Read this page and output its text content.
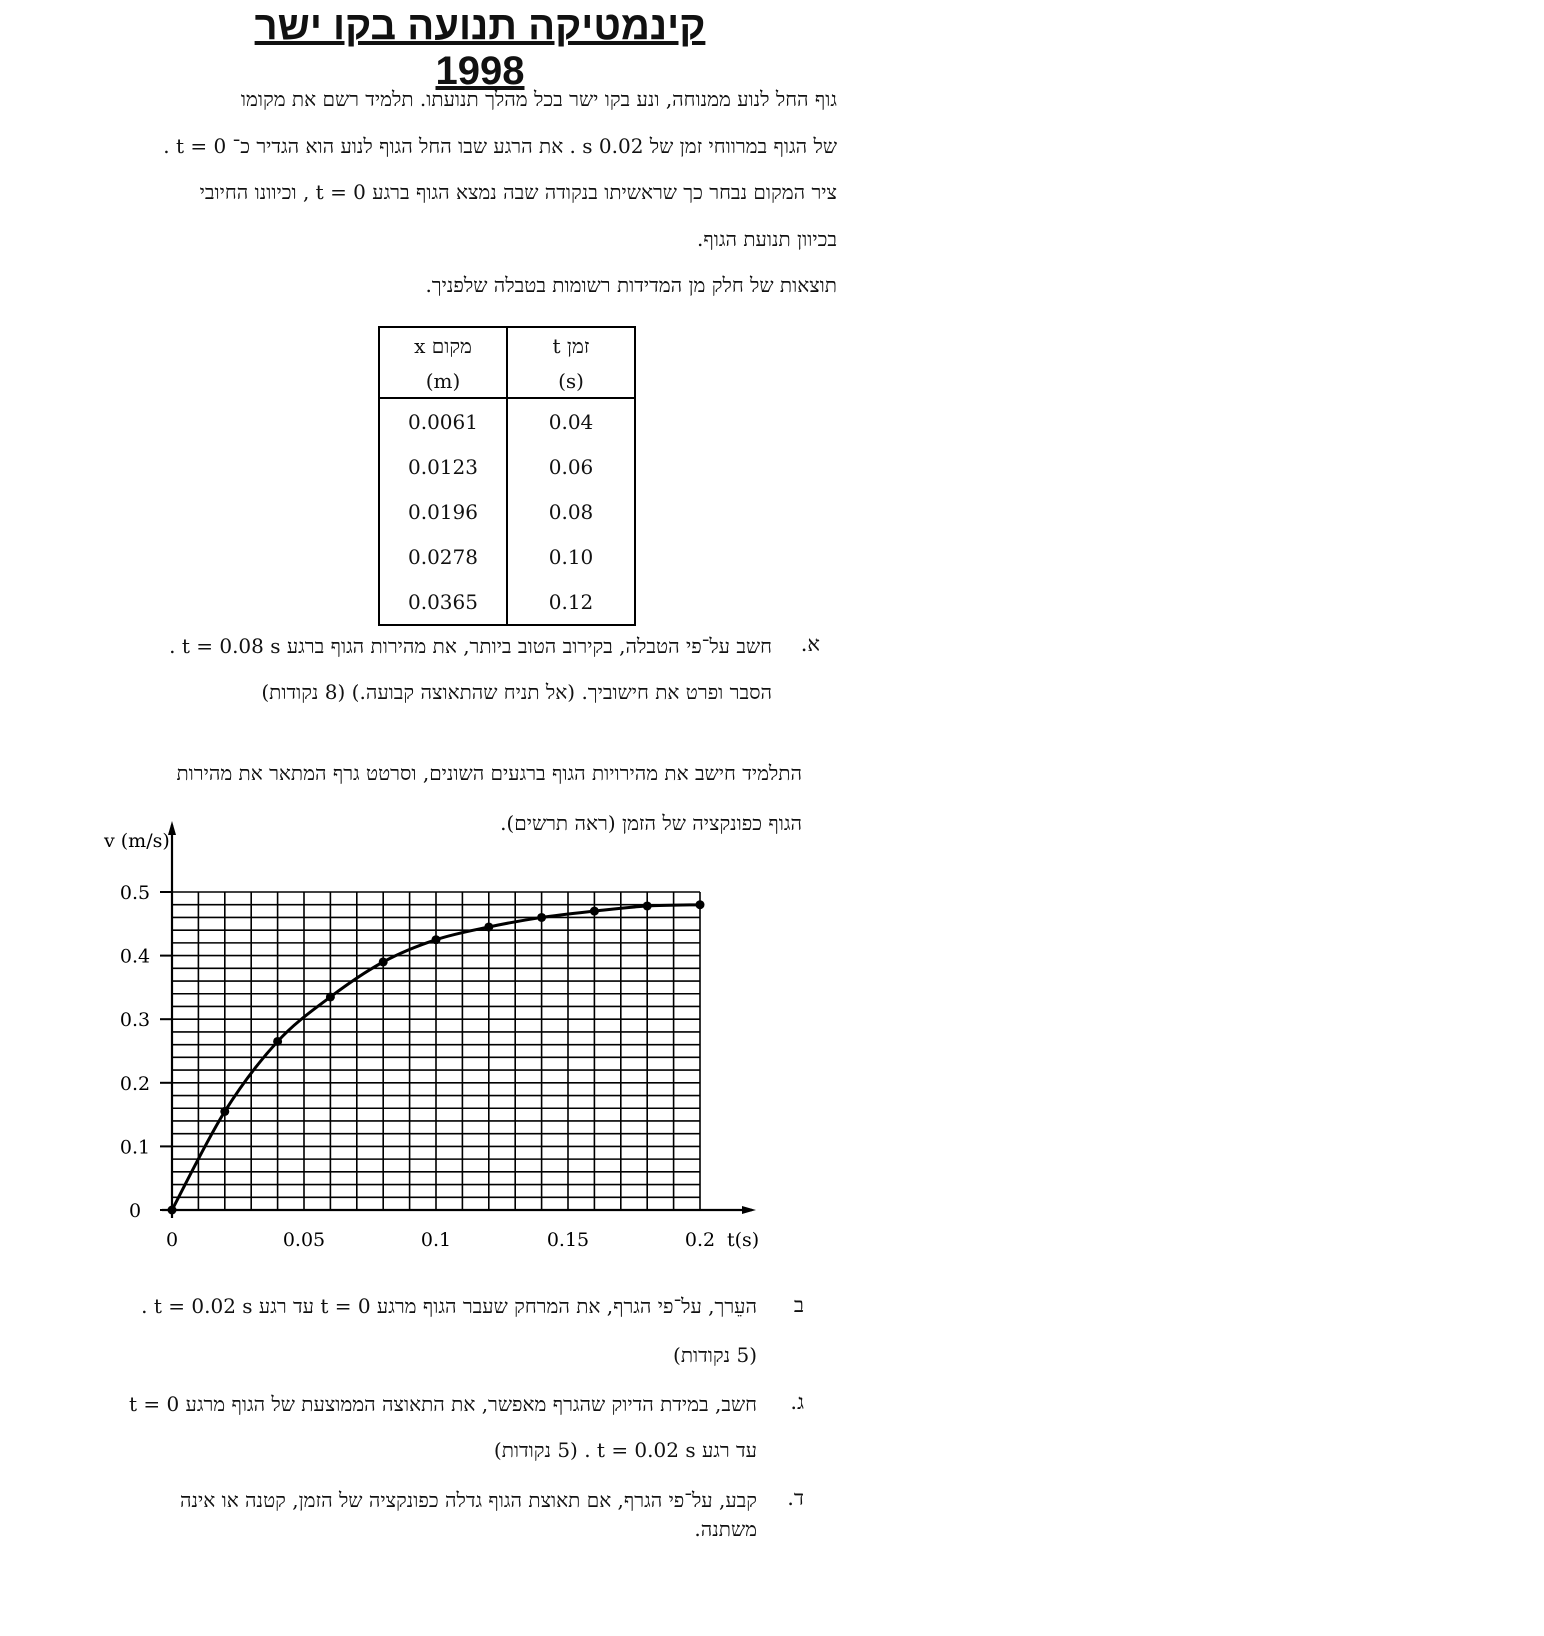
קינמטיקה תנועה בקו ישר 1998
גוף החל לנוע ממנוחה, ונע בקו ישר בכל מהלך תנועתו. תלמיד רשם את מקומו
של הגוף במרווחי זמן של 0.02 s . את הרגע שבו החל הגוף לנוע הוא הגדיר כ־ t = 0 .
ציר המקום נבחר כך שראשיתו בנקודה שבה נמצא הגוף ברגע t = 0 , וכיוונו החיובי
בכיוון תנועת הגוף.
תוצאות של חלק מן המדידות רשומות בטבלה שלפניך.
מקום x	זמן t
(m)	(s)
0.0061	0.04
0.0123	0.06
0.0196	0.08
0.0278	0.10
0.0365	0.12
א.
חשב על־פי הטבלה, בקירוב הטוב ביותר, את מהירות הגוף ברגע t = 0.08 s .
הסבר ופרט את חישוביך. (אל תניח שהתאוצה קבועה.) (8 נקודות)
התלמיד חישב את מהירויות הגוף ברגעים השונים, וסרטט גרף המתאר את מהירות
הגוף כפונקציה של הזמן (ראה תרשים).
v (m/s)
t(s)
0
0.1
0.2
0.3
0.4
0.5
0	0.05	0.1	0.15	0.2
ב
העֵרך, על־פי הגרף, את המרחק שעבר הגוף מרגע t = 0 עד רגע t = 0.02 s .
(5 נקודות)
ג.
חשב, במידת הדיוק שהגרף מאפשר, את התאוצה הממוצעת של הגוף מרגע t = 0
עד רגע t = 0.02 s . (5 נקודות)
ד.
קבע, על־פי הגרף, אם תאוצת הגוף גדלה כפונקציה של הזמן, קטנה או אינה
משתנה.
